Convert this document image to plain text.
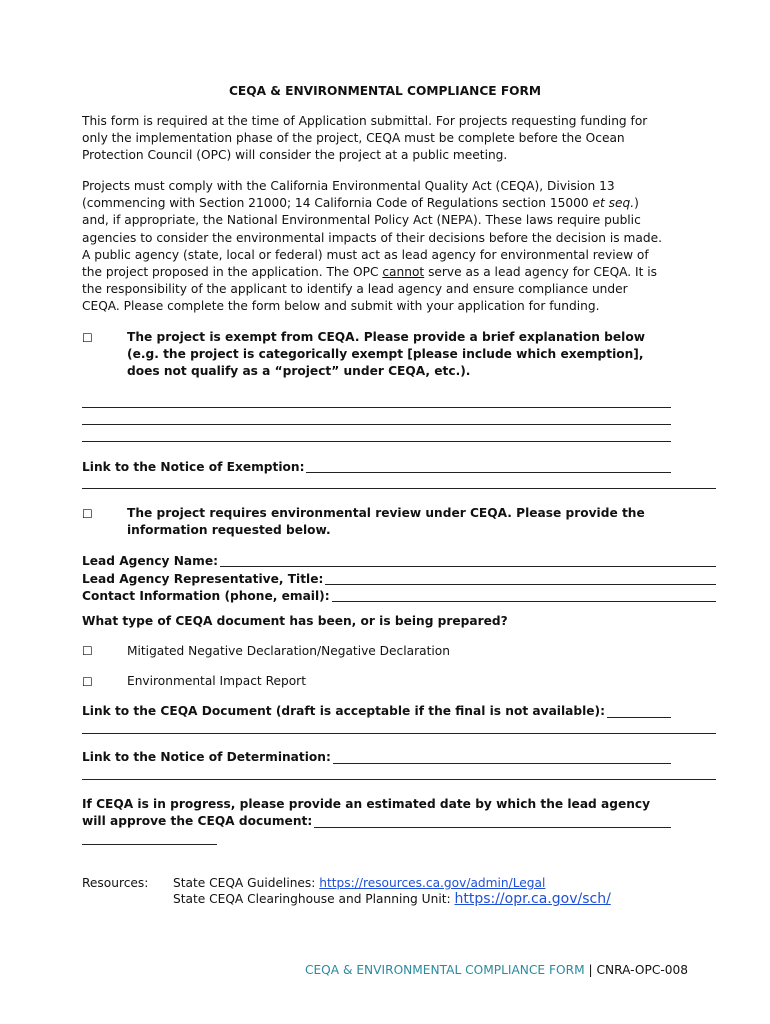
CEQA & ENVIRONMENTAL COMPLIANCE FORM

This form is required at the time of Application submittal. For projects requesting funding for
only the implementation phase of the project, CEQA must be complete before the Ocean
Protection Council (OPC) will consider the project at a public meeting.

Projects must comply with the California Environmental Quality Act (CEQA), Division 13
(commencing with Section 21000; 14 California Code of Regulations section 15000 et seq.)
and, if appropriate, the National Environmental Policy Act (NEPA). These laws require public
agencies to consider the environmental impacts of their decisions before the decision is made.
A public agency (state, local or federal) must act as lead agency for environmental review of
the project proposed in the application. The OPC cannot serve as a lead agency for CEQA. It is
the responsibility of the applicant to identify a lead agency and ensure compliance under
CEQA. Please complete the form below and submit with your application for funding.

☐	The project is exempt from CEQA. Please provide a brief explanation below
(e.g. the project is categorically exempt [please include which exemption],
does not qualify as a “project” under CEQA, etc.).
Link to the Notice of Exemption:
☐	The project requires environmental review under CEQA. Please provide the
information requested below.
Lead Agency Name:
Lead Agency Representative, Title:
Contact Information (phone, email):
What type of CEQA document has been, or is being prepared?
☐	Mitigated Negative Declaration/Negative Declaration
☐	Environmental Impact Report
Link to the CEQA Document (draft is acceptable if the final is not available):
Link to the Notice of Determination:
If CEQA is in progress, please provide an estimated date by which the lead agency
will approve the CEQA document:
Resources: State CEQA Guidelines: https://resources.ca.gov/admin/Legal
State CEQA Clearinghouse and Planning Unit: https://opr.ca.gov/sch/
CEQA & ENVIRONMENTAL COMPLIANCE FORM | CNRA-OPC-008
